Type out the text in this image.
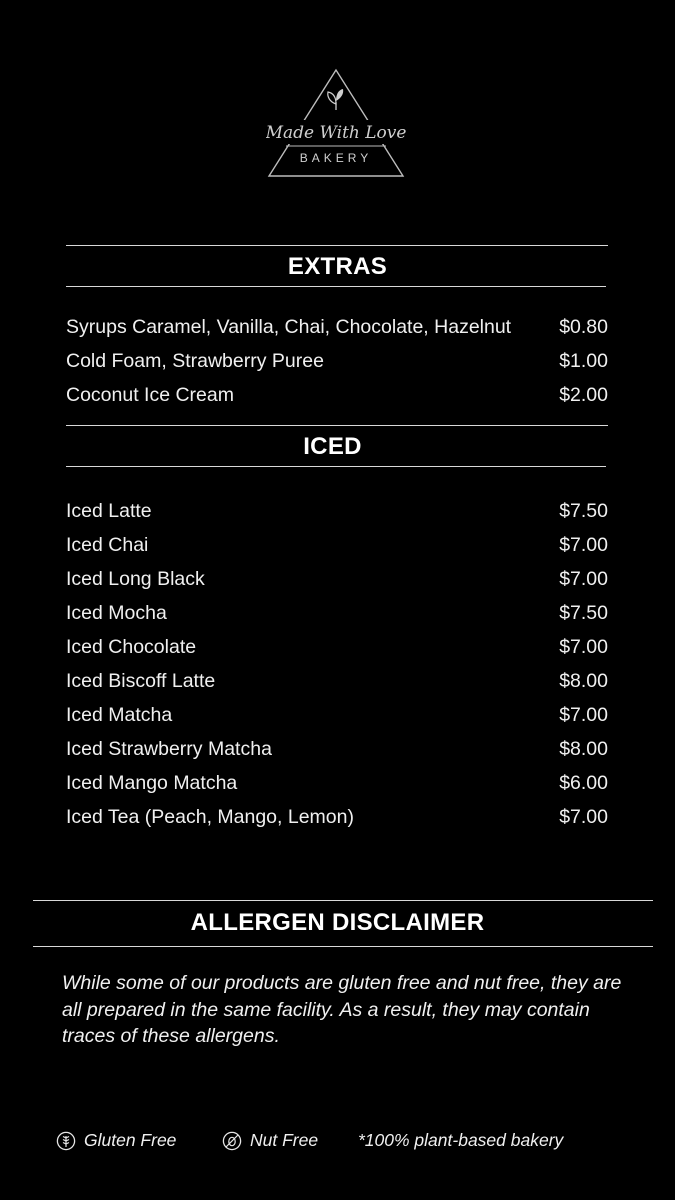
Made With Love
BAKERY
EXTRAS
Syrups Caramel, Vanilla, Chai, Chocolate, Hazelnut $0.80
Cold Foam, Strawberry Puree	$1.00
Coconut Ice Cream	$2.00
ICED
Iced Latte	$7.50
Iced Chai	$7.00
Iced Long Black	$7.00
Iced Mocha	$7.50
Iced Chocolate	$7.00
Iced Biscoff Latte	$8.00
Iced Matcha	$7.00
Iced Strawberry Matcha	$8.00
Iced Mango Matcha	$6.00
Iced Tea (Peach, Mango, Lemon)	$7.00
ALLERGEN DISCLAIMER
While some of our products are gluten free and nut free, they are all prepared in the same facility. As a result, they may contain traces of these allergens.
Gluten Free	Nut Free *100% plant-based bakery
